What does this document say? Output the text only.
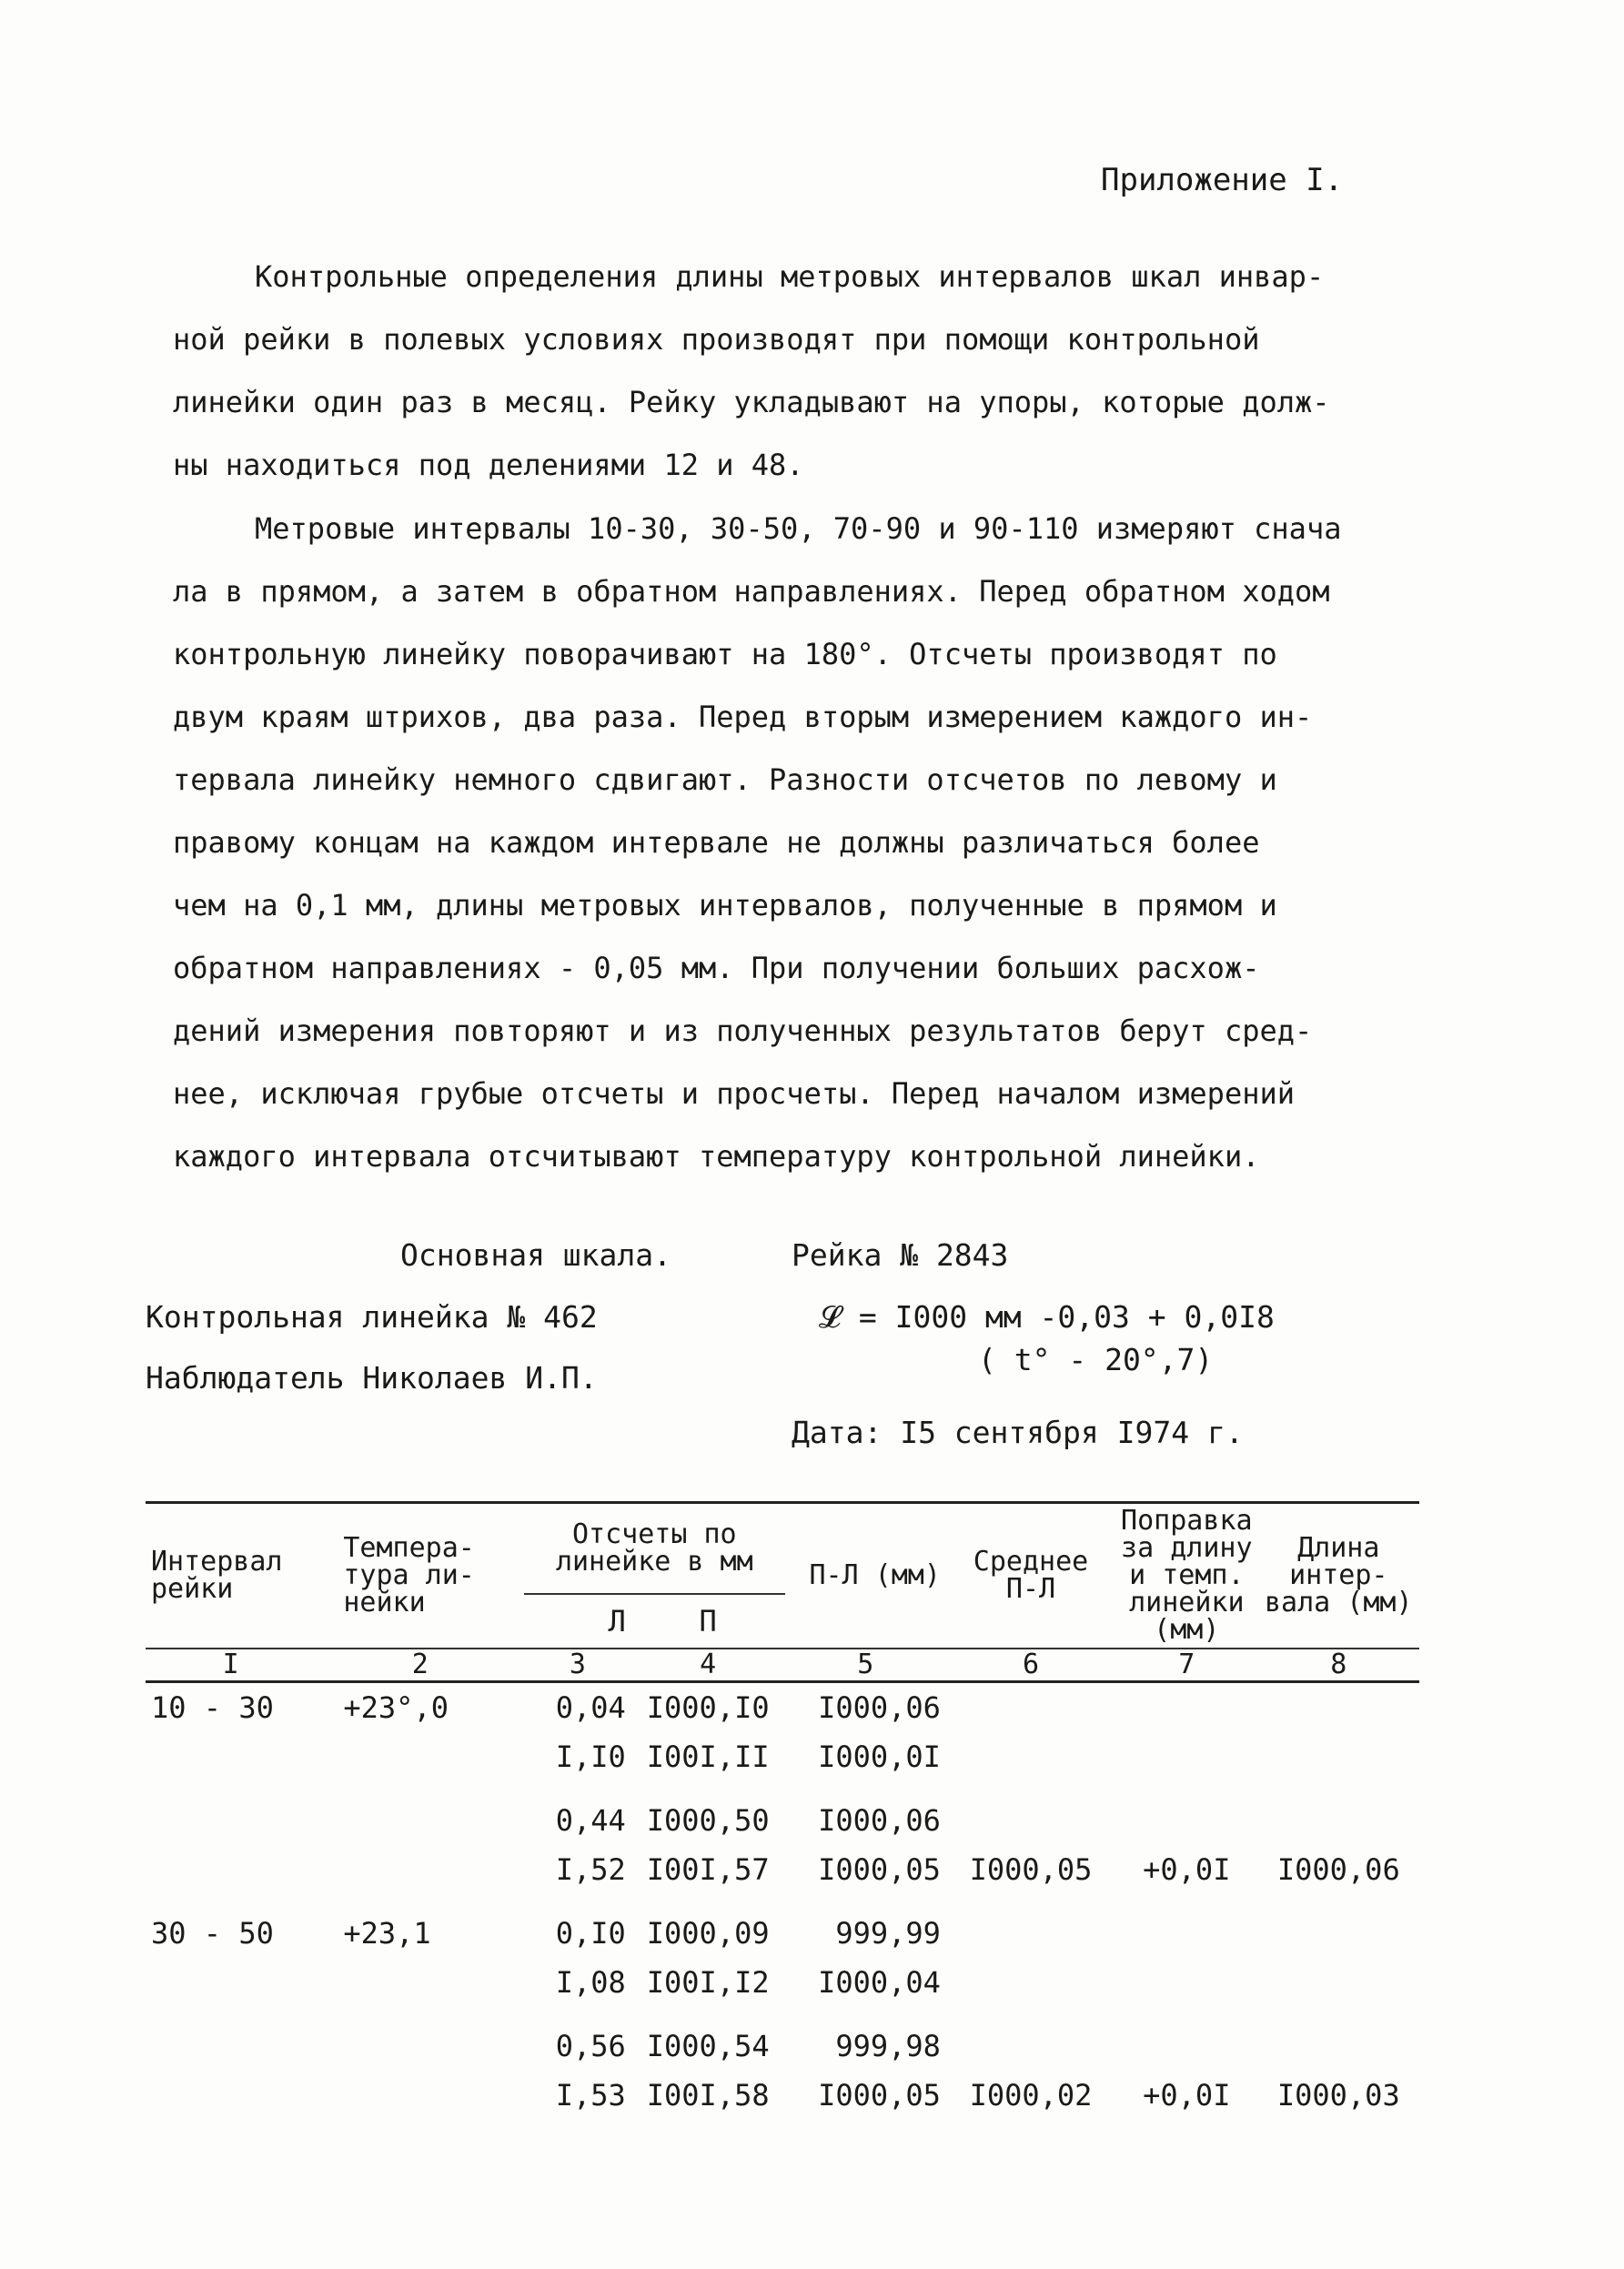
Приложение I.
Контрольные определения длины метровых интервалов шкал инвар-
ной рейки в полевых условиях производят при помощи контрольной
линейки один раз в месяц. Рейку укладывают на упоры, которые долж-
ны находиться под делениями 12 и 48.
Метровые интервалы 10-30, 30-50, 70-90 и 90-110 измеряют снача
ла в прямом, а затем в обратном направлениях. Перед обратном ходом
контрольную линейку поворачивают на 180°. Отсчеты производят по
двум краям штрихов, два раза. Перед вторым измерением каждого ин-
тервала линейку немного сдвигают. Разности отсчетов по левому и
правому концам на каждом интервале не должны различаться более
чем на 0,1 мм, длины метровых интервалов, полученные в прямом и
обратном направлениях - 0,05 мм. При получении больших расхож-
дений измерения повторяют и из полученных результатов берут сред-
нее, исключая грубые отсчеты и просчеты. Перед началом измерений
каждого интервала отсчитывают температуру контрольной линейки.
Основная шкала.	Рейка № 2843
Контрольная линейка № 462
Наблюдатель Николаев И.П.
𝓛 = I000 мм -0,03 + 0,0I8
( t° - 20°,7)
Дата: I5 сентября I974 г.
Интервал рейки	Темпера-тура ли-нейки	Отсчеты по линейке в мм		П-Л (мм)	Среднее П-Л	Поправка за длину и темп. линейки (мм)	Длина интер-вала (мм)
		Л	П				
I	2	3	4	5	6	7	8
10 - 30	+23°,0	0,04	I000,I0	I000,06			
		I,I0	I00I,II	I000,0I			

		0,44	I000,50	I000,06			
		I,52	I00I,57	I000,05	I000,05	+0,0I	I000,06

30 - 50	+23,1	0,I0	I000,09	999,99			
		I,08	I00I,I2	I000,04			

		0,56	I000,54	999,98			
		I,53	I00I,58	I000,05	I000,02	+0,0I	I000,03
